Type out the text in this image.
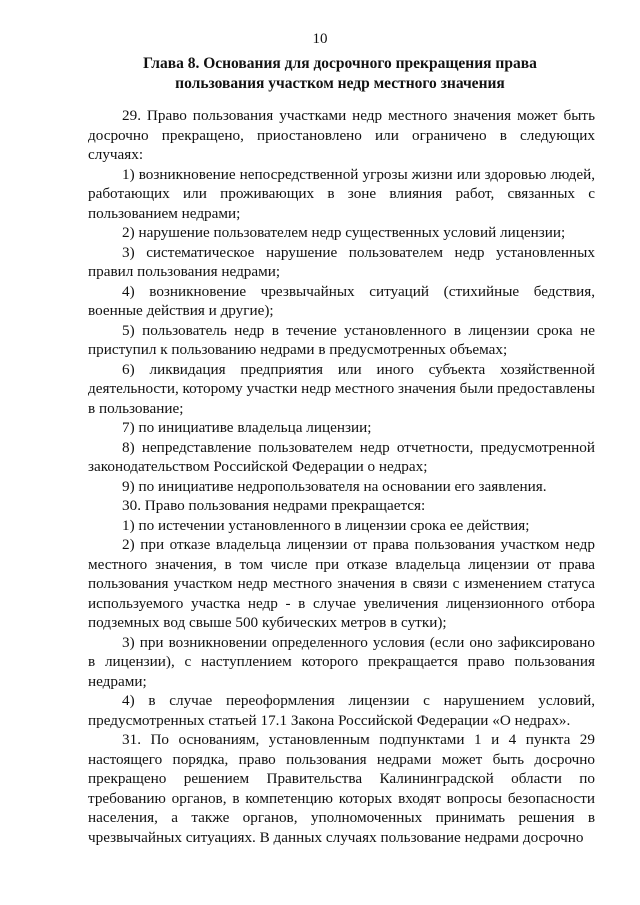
10
Глава 8. Основания для досрочного прекращения права
пользования участком недр местного значения

29. Право пользования участками недр местного значения может быть досрочно прекращено, приостановлено или ограничено в следующих случаях:

1) возникновение непосредственной угрозы жизни или здоровью людей, работающих или проживающих в зоне влияния работ, связанных с пользованием недрами;

2) нарушение пользователем недр существенных условий лицензии;

3) систематическое нарушение пользователем недр установленных правил пользования недрами;

4) возникновение чрезвычайных ситуаций (стихийные бедствия, военные действия и другие);

5) пользователь недр в течение установленного в лицензии срока не приступил к пользованию недрами в предусмотренных объемах;

6) ликвидация предприятия или иного субъекта хозяйственной деятельности, которому участки недр местного значения были предоставлены в пользование;

7) по инициативе владельца лицензии;

8) непредставление пользователем недр отчетности, предусмотренной законодательством Российской Федерации о недрах;

9) по инициативе недропользователя на основании его заявления.

30. Право пользования недрами прекращается:

1) по истечении установленного в лицензии срока ее действия;

2) при отказе владельца лицензии от права пользования участком недр местного значения, в том числе при отказе владельца лицензии от права пользования участком недр местного значения в связи с изменением статуса используемого участка недр - в случае увеличения лицензионного отбора подземных вод свыше 500 кубических метров в сутки);

3) при возникновении определенного условия (если оно зафиксировано в лицензии), с наступлением которого прекращается право пользования недрами;

4) в случае переоформления лицензии с нарушением условий, предусмотренных статьей 17.1 Закона Российской Федерации «О недрах».

31. По основаниям, установленным подпунктами 1 и 4 пункта 29 настоящего порядка, право пользования недрами может быть досрочно прекращено решением Правительства Калининградской области по требованию органов, в компетенцию которых входят вопросы безопасности населения, а также органов, уполномоченных принимать решения в чрезвычайных ситуациях. В данных случаях пользование недрами досрочно
